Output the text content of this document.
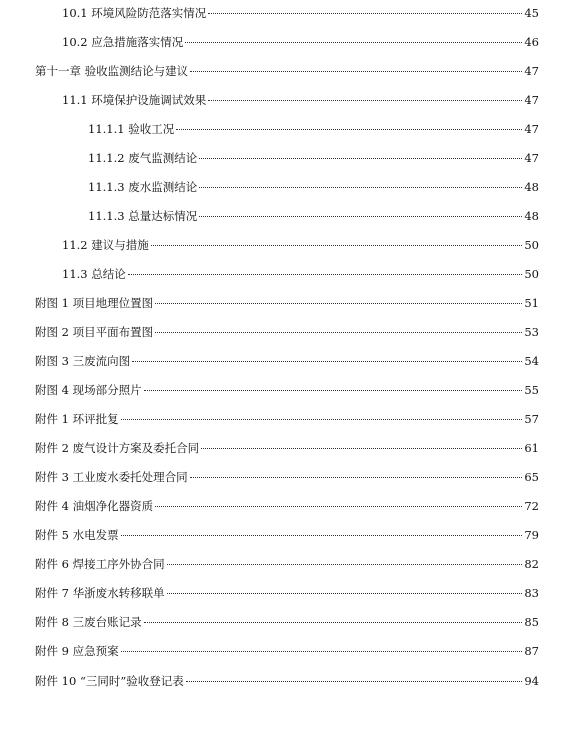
10.1 环境风险防范落实情况	45
10.2 应急措施落实情况	46
第十一章 验收监测结论与建议	47
11.1 环境保护设施调试效果	47
11.1.1 验收工况	47
11.1.2 废气监测结论	47
11.1.3 废水监测结论	48
11.1.3 总量达标情况	48
11.2 建议与措施	50
11.3 总结论	50
附图 1 项目地理位置图	51
附图 2 项目平面布置图	53
附图 3 三废流向图	54
附图 4 现场部分照片	55
附件 1 环评批复	57
附件 2 废气设计方案及委托合同	61
附件 3 工业废水委托处理合同	65
附件 4 油烟净化器资质	72
附件 5 水电发票	79
附件 6 焊接工序外协合同	82
附件 7 华浙废水转移联单	83
附件 8 三废台账记录	85
附件 9 应急预案	87
附件 10 “三同时”验收登记表	94
